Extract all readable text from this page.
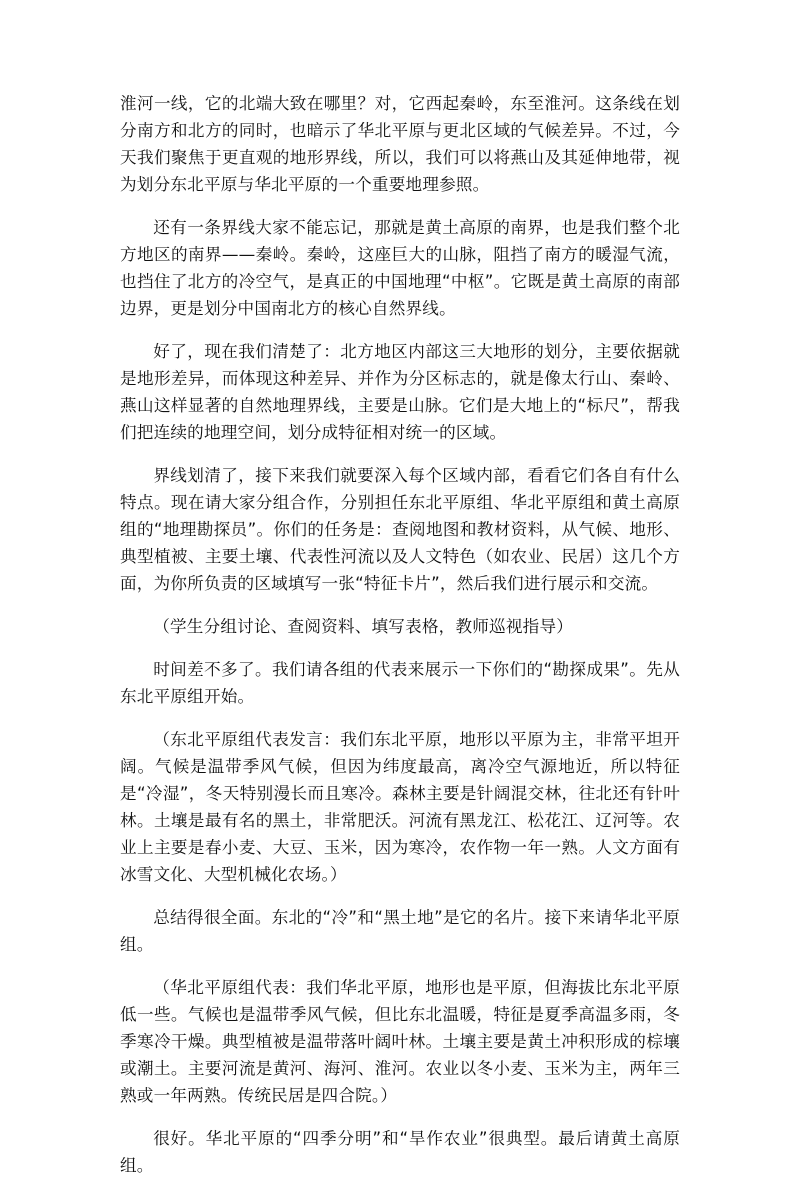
淮河一线，它的北端大致在哪里？对，它西起秦岭，东至淮河。这条线在划分南方和北方的同时，也暗示了华北平原与更北区域的气候差异。不过，今天我们聚焦于更直观的地形界线，所以，我们可以将燕山及其延伸地带，视为划分东北平原与华北平原的一个重要地理参照。

还有一条界线大家不能忘记，那就是黄土高原的南界，也是我们整个北方地区的南界——秦岭。秦岭，这座巨大的山脉，阻挡了南方的暖湿气流，也挡住了北方的冷空气，是真正的中国地理“中枢”。它既是黄土高原的南部边界，更是划分中国南北方的核心自然界线。

好了，现在我们清楚了：北方地区内部这三大地形的划分，主要依据就是地形差异，而体现这种差异、并作为分区标志的，就是像太行山、秦岭、燕山这样显著的自然地理界线，主要是山脉。它们是大地上的“标尺”，帮我们把连续的地理空间，划分成特征相对统一的区域。

界线划清了，接下来我们就要深入每个区域内部，看看它们各自有什么特点。现在请大家分组合作，分别担任东北平原组、华北平原组和黄土高原组的“地理勘探员”。你们的任务是：查阅地图和教材资料，从气候、地形、典型植被、主要土壤、代表性河流以及人文特色（如农业、民居）这几个方面，为你所负责的区域填写一张“特征卡片”，然后我们进行展示和交流。

（学生分组讨论、查阅资料、填写表格，教师巡视指导）

时间差不多了。我们请各组的代表来展示一下你们的“勘探成果”。先从东北平原组开始。

（东北平原组代表发言：我们东北平原，地形以平原为主，非常平坦开阔。气候是温带季风气候，但因为纬度最高，离冷空气源地近，所以特征是“冷湿”，冬天特别漫长而且寒冷。森林主要是针阔混交林，往北还有针叶林。土壤是最有名的黑土，非常肥沃。河流有黑龙江、松花江、辽河等。农业上主要是春小麦、大豆、玉米，因为寒冷，农作物一年一熟。人文方面有冰雪文化、大型机械化农场。）

总结得很全面。东北的“冷”和“黑土地”是它的名片。接下来请华北平原组。

（华北平原组代表：我们华北平原，地形也是平原，但海拔比东北平原低一些。气候也是温带季风气候，但比东北温暖，特征是夏季高温多雨，冬季寒冷干燥。典型植被是温带落叶阔叶林。土壤主要是黄土冲积形成的棕壤或潮土。主要河流是黄河、海河、淮河。农业以冬小麦、玉米为主，两年三熟或一年两熟。传统民居是四合院。）

很好。华北平原的“四季分明”和“旱作农业”很典型。最后请黄土高原组。
